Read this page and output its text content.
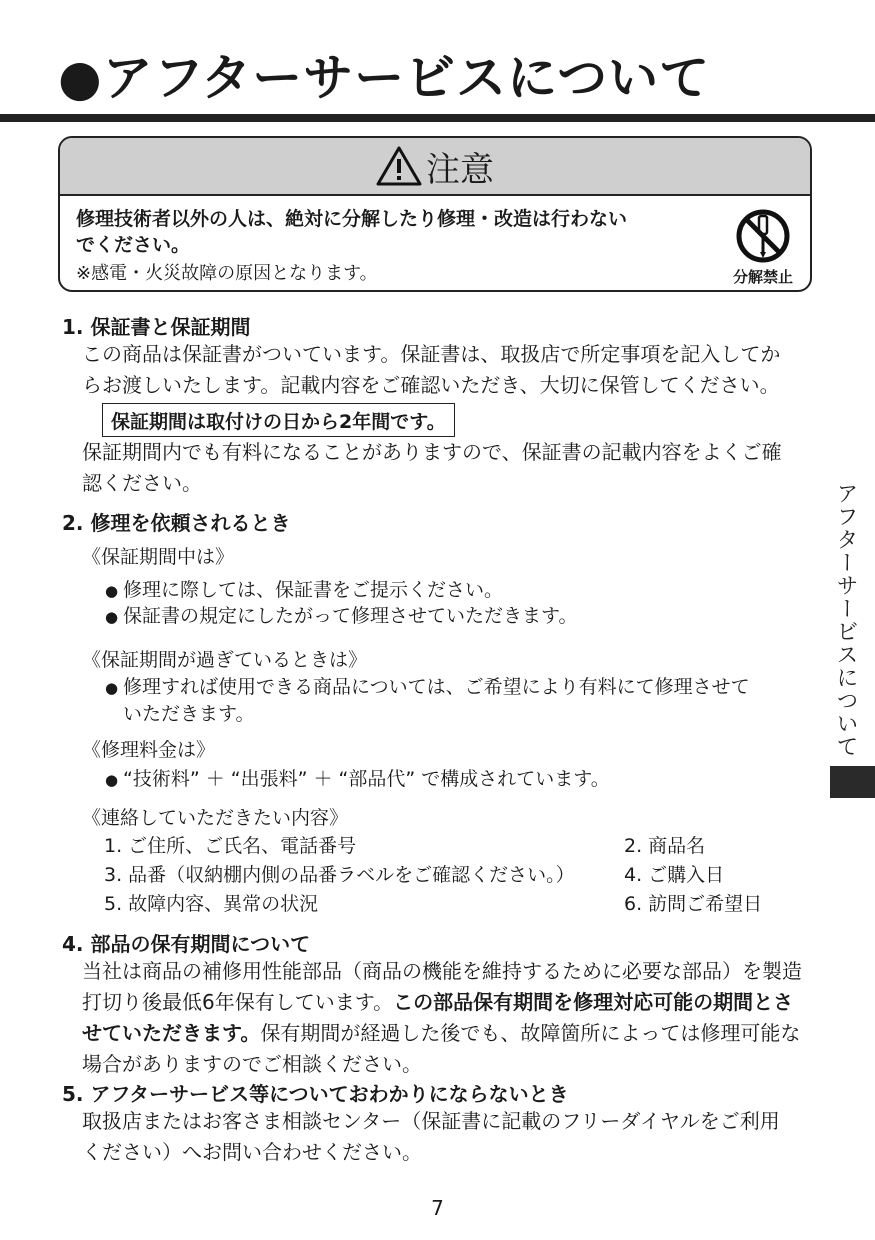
●アフターサービスについて
注意
修理技術者以外の人は、絶対に分解したり修理・改造は行わない
でください。
※感電・火災故障の原因となります。	分解禁止
1. 保証書と保証期間
この商品は保証書がついています。保証書は、取扱店で所定事項を記入してか
らお渡しいたします。記載内容をご確認いただき、大切に保管してください。
保証期間は取付けの日から2年間です。
保証期間内でも有料になることがありますので、保証書の記載内容をよくご確
認ください。
2. 修理を依頼されるとき
《保証期間中は》
● 修理に際しては、保証書をご提示ください。
● 保証書の規定にしたがって修理させていただきます。
《保証期間が過ぎているときは》
● 修理すれば使用できる商品については、ご希望により有料にて修理させて
いただきます。
《修理料金は》
● “技術料” ＋ “出張料” ＋ “部品代” で構成されています。
《連絡していただきたい内容》
1. ご住所、ご氏名、電話番号	2. 商品名
3. 品番（収納棚内側の品番ラベルをご確認ください。）	4. ご購入日
5. 故障内容、異常の状況	6. 訪問ご希望日
4. 部品の保有期間について
当社は商品の補修用性能部品（商品の機能を維持するために必要な部品）を製造
打切り後最低6年保有しています。この部品保有期間を修理対応可能の期間とさ
せていただきます。保有期間が経過した後でも、故障箇所によっては修理可能な
場合がありますのでご相談ください。
5. アフターサービス等についておわかりにならないとき
取扱店またはお客さま相談センター（保証書に記載のフリーダイヤルをご利用
ください）へお問い合わせください。
アフターサービスについて
7
